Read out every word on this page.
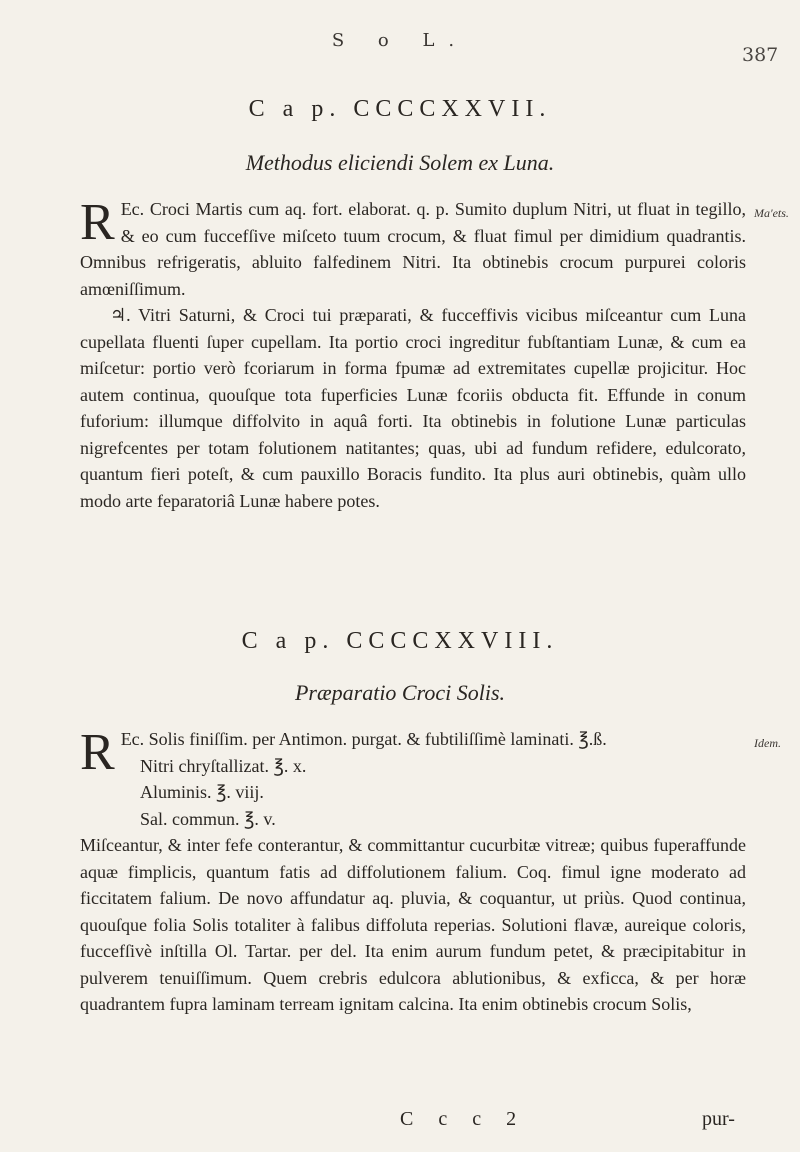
S o L.
387
C a p. CCCCXXVII.
Methodus eliciendi Solem ex Luna.
Ma'ets.

R Ec. Croci Martis cum aq. fort. elaborat. q. p. Sumito duplum Nitri, ut fluat in tegillo, & eo cum fuccefſive miſceto tuum crocum, & fluat fimul per dimidium quadrantis. Omnibus refrigeratis, abluito falfedinem Nitri. Ita obtinebis crocum purpurei coloris amœniſſimum.

♃. Vitri Saturni, & Croci tui præparati, & fucceffivis vicibus miſceantur cum Luna cupellata fluenti ſuper cupellam. Ita portio croci ingreditur fubſtantiam Lunæ, & cum ea miſcetur: portio verò fcoriarum in forma fpumæ ad extremitates cupellæ projicitur. Hoc autem continua, quouſque tota fuperficies Lunæ fcoriis obducta fit. Effunde in conum fuforium: illumque diffolvito in aquâ forti. Ita obtinebis in folutione Lunæ particulas nigrefcentes per totam folutionem natitantes; quas, ubi ad fundum refidere, edulcorato, quantum fieri poteſt, & cum pauxillo Boracis fundito. Ita plus auri obtinebis, quàm ullo modo arte feparatoriâ Lunæ habere potes.

C a p. CCCCXXVIII.
Præparatio Croci Solis.
Idem.

R Ec. Solis finiſſim. per Antimon. purgat. & fubtiliſſimè laminati. ℥.ß.

Nitri chryſtallizat. ℥. x.

Aluminis. ℥. viij.

Sal. commun. ℥. v.

Miſceantur, & inter fefe conterantur, & committantur cucurbitæ vitreæ; quibus fuperaffunde aquæ fimplicis, quantum fatis ad diffolutionem falium. Coq. fimul igne moderato ad ficcitatem falium. De novo affundatur aq. pluvia, & coquantur, ut priùs. Quod continua, quouſque folia Solis totaliter à falibus diffoluta reperias. Solutioni flavæ, aureique coloris, fuccefſivè inſtilla Ol. Tartar. per del. Ita enim aurum fundum petet, & præcipitabitur in pulverem tenuiſſimum. Quem crebris edulcora ablutionibus, & exficca, & per horæ quadrantem fupra laminam terream ignitam calcina. Ita enim obtinebis crocum Solis,

C c c 2	pur-
